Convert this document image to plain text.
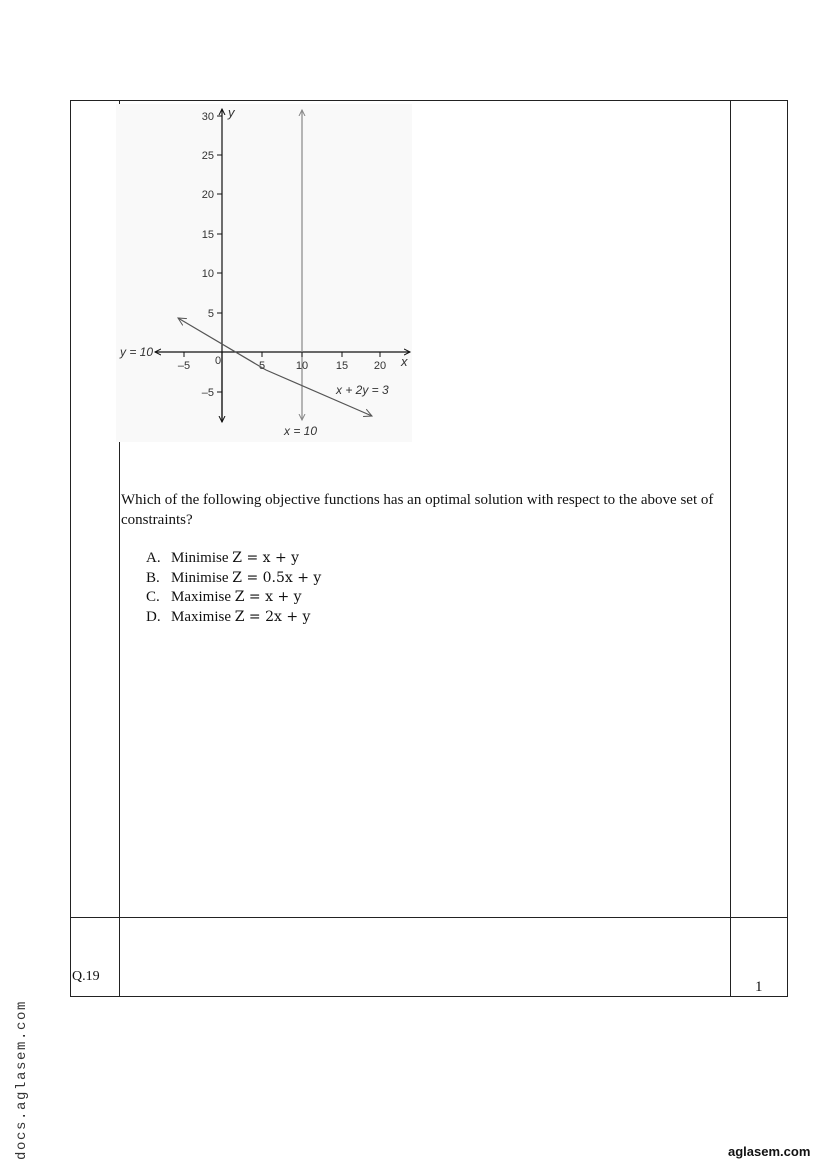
30
25
20
15
10
5
–5
–5 0	5	10	15 20
y
x
y = 10
x + 2y = 3
x = 10
Which of the following objective functions has an optimal solution with respect to the above set of constraints?
A. Minimise Z = x + y
B. Minimise Z = 0.5x + y
C. Maximise Z = x + y
D. Maximise Z = 2x + y
Q.19
1
docs.aglasem.com	aglasem.com
